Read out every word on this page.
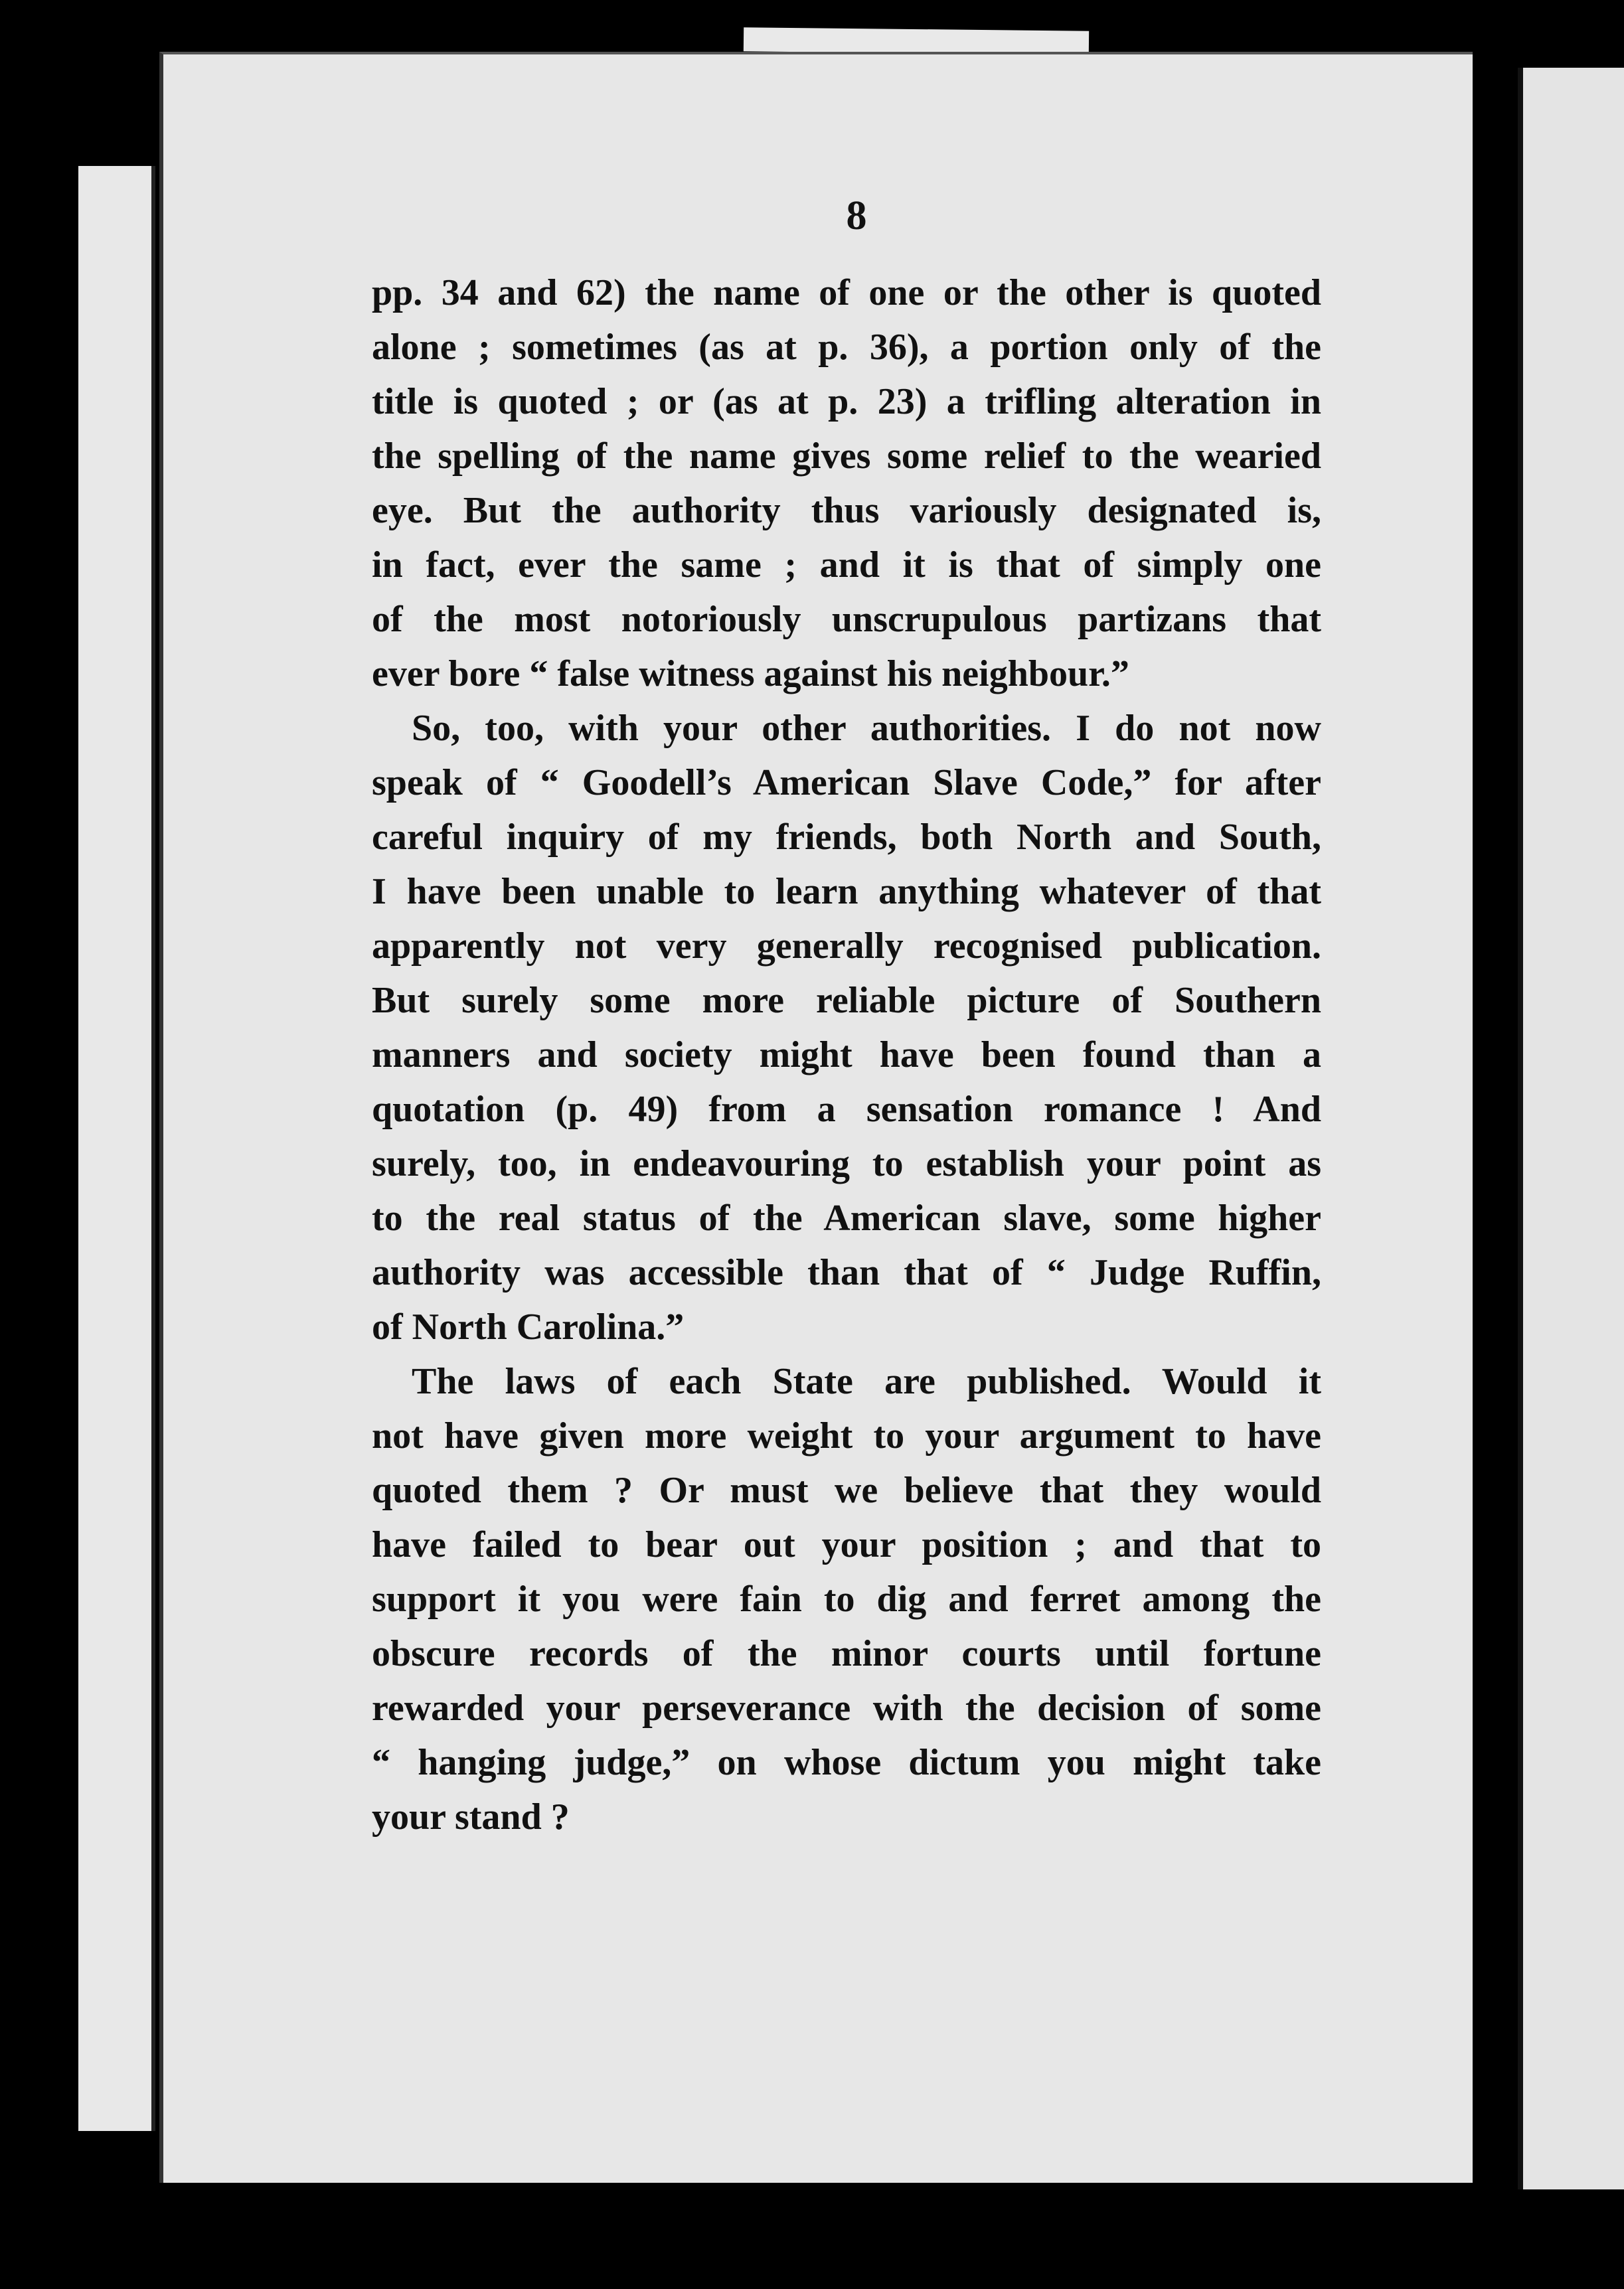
8
pp. 34 and 62) the name of one or the other is quoted
alone ; sometimes (as at p. 36), a portion only of the
title is quoted ; or (as at p. 23) a trifling alteration in
the spelling of the name gives some relief to the wearied
eye. But the authority thus variously designated is,
in fact, ever the same ; and it is that of simply one
of the most notoriously unscrupulous partizans that
ever bore “ false witness against his neighbour.”
So, too, with your other authorities. I do not now
speak of “ Goodell’s American Slave Code,” for after
careful inquiry of my friends, both North and South,
I have been unable to learn anything whatever of that
apparently not very generally recognised publication.
But surely some more reliable picture of Southern
manners and society might have been found than a
quotation (p. 49) from a sensation romance ! And
surely, too, in endeavouring to establish your point as
to the real status of the American slave, some higher
authority was accessible than that of “ Judge Ruffin,
of North Carolina.”
The laws of each State are published. Would it
not have given more weight to your argument to have
quoted them ? Or must we believe that they would
have failed to bear out your position ; and that to
support it you were fain to dig and ferret among the
obscure records of the minor courts until fortune
rewarded your perseverance with the decision of some
“ hanging judge,” on whose dictum you might take
your stand ?
